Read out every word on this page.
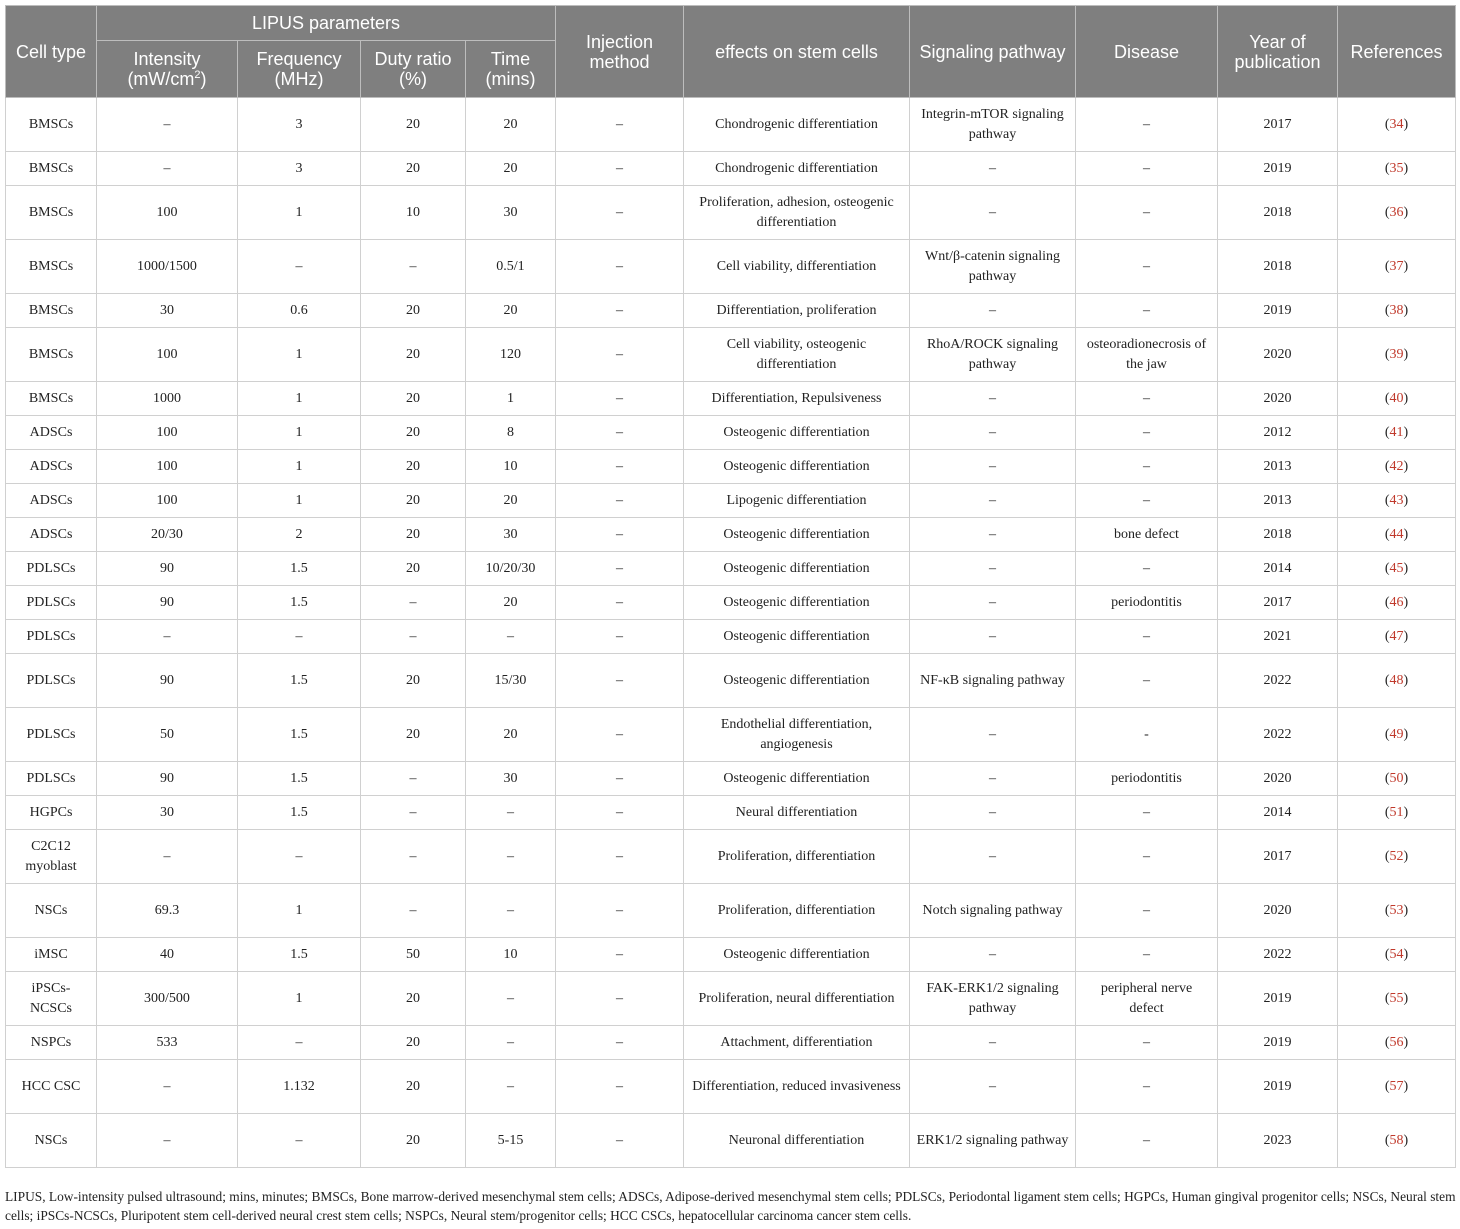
Cell type	LIPUS parameters				Injection method	effects on stem cells	Signaling pathway	Disease	Year of publication	References
	Intensity $(mW/cm^2)$	Frequency (MHz)	Duty ratio (%)	Time (mins)						
BMSCs	–	3	20	20	–	Chondrogenic differentiation	Integrin-mTOR signaling pathway	–	2017	(34)
BMSCs	–	3	20	20	–	Chondrogenic differentiation	–	–	2019	(35)
BMSCs	100	1	10	30	–	Proliferation, adhesion, osteogenic differentiation	–	–	2018	(36)
BMSCs	1000/1500	–	–	0.5/1	–	Cell viability, differentiation	Wnt/β-catenin signaling pathway	–	2018	(37)
BMSCs	30	0.6	20	20	–	Differentiation, proliferation	–	–	2019	(38)
BMSCs	100	1	20	120	–	Cell viability, osteogenic differentiation	RhoA/ROCK signaling pathway	osteoradionecrosis of the jaw	2020	(39)
BMSCs	1000	1	20	1	–	Differentiation, Repulsiveness	–	–	2020	(40)
ADSCs	100	1	20	8	–	Osteogenic differentiation	–	–	2012	(41)
ADSCs	100	1	20	10	–	Osteogenic differentiation	–	–	2013	(42)
ADSCs	100	1	20	20	–	Lipogenic differentiation	–	–	2013	(43)
ADSCs	20/30	2	20	30	–	Osteogenic differentiation	–	bone defect	2018	(44)
PDLSCs	90	1.5	20	10/20/30	–	Osteogenic differentiation	–	–	2014	(45)
PDLSCs	90	1.5	–	20	–	Osteogenic differentiation	–	periodontitis	2017	(46)
PDLSCs	–	–	–	–	–	Osteogenic differentiation	–	–	2021	(47)
PDLSCs	90	1.5	20	15/30	–	Osteogenic differentiation	NF-κB signaling pathway	–	2022	(48)
PDLSCs	50	1.5	20	20	–	Endothelial differentiation, angiogenesis	–	-	2022	(49)
PDLSCs	90	1.5	–	30	–	Osteogenic differentiation	–	periodontitis	2020	(50)
HGPCs	30	1.5	–	–	–	Neural differentiation	–	–	2014	(51)
C2C12 myoblast	–	–	–	–	–	Proliferation, differentiation	–	–	2017	(52)
NSCs	69.3	1	–	–	–	Proliferation, differentiation	Notch signaling pathway	–	2020	(53)
iMSC	40	1.5	50	10	–	Osteogenic differentiation	–	–	2022	(54)
iPSCs-NCSCs	300/500	1	20	–	–	Proliferation, neural differentiation	FAK-ERK1/2 signaling pathway	peripheral nerve defect	2019	(55)
NSPCs	533	–	20	–	–	Attachment, differentiation	–	–	2019	(56)
HCC CSC	–	1.132	20	–	–	Differentiation, reduced invasiveness	–	–	2019	(57)
NSCs	–	–	20	5-15	–	Neuronal differentiation	ERK1/2 signaling pathway	–	2023	(58)
LIPUS, Low-intensity pulsed ultrasound; mins, minutes; BMSCs, Bone marrow-derived mesenchymal stem cells; ADSCs, Adipose-derived mesenchymal stem cells; PDLSCs, Periodontal ligament stem cells; HGPCs, Human gingival progenitor cells; NSCs, Neural stem cells; iPSCs-NCSCs, Pluripotent stem cell-derived neural crest stem cells; NSPCs, Neural stem/progenitor cells; HCC CSCs, hepatocellular carcinoma cancer stem cells.
